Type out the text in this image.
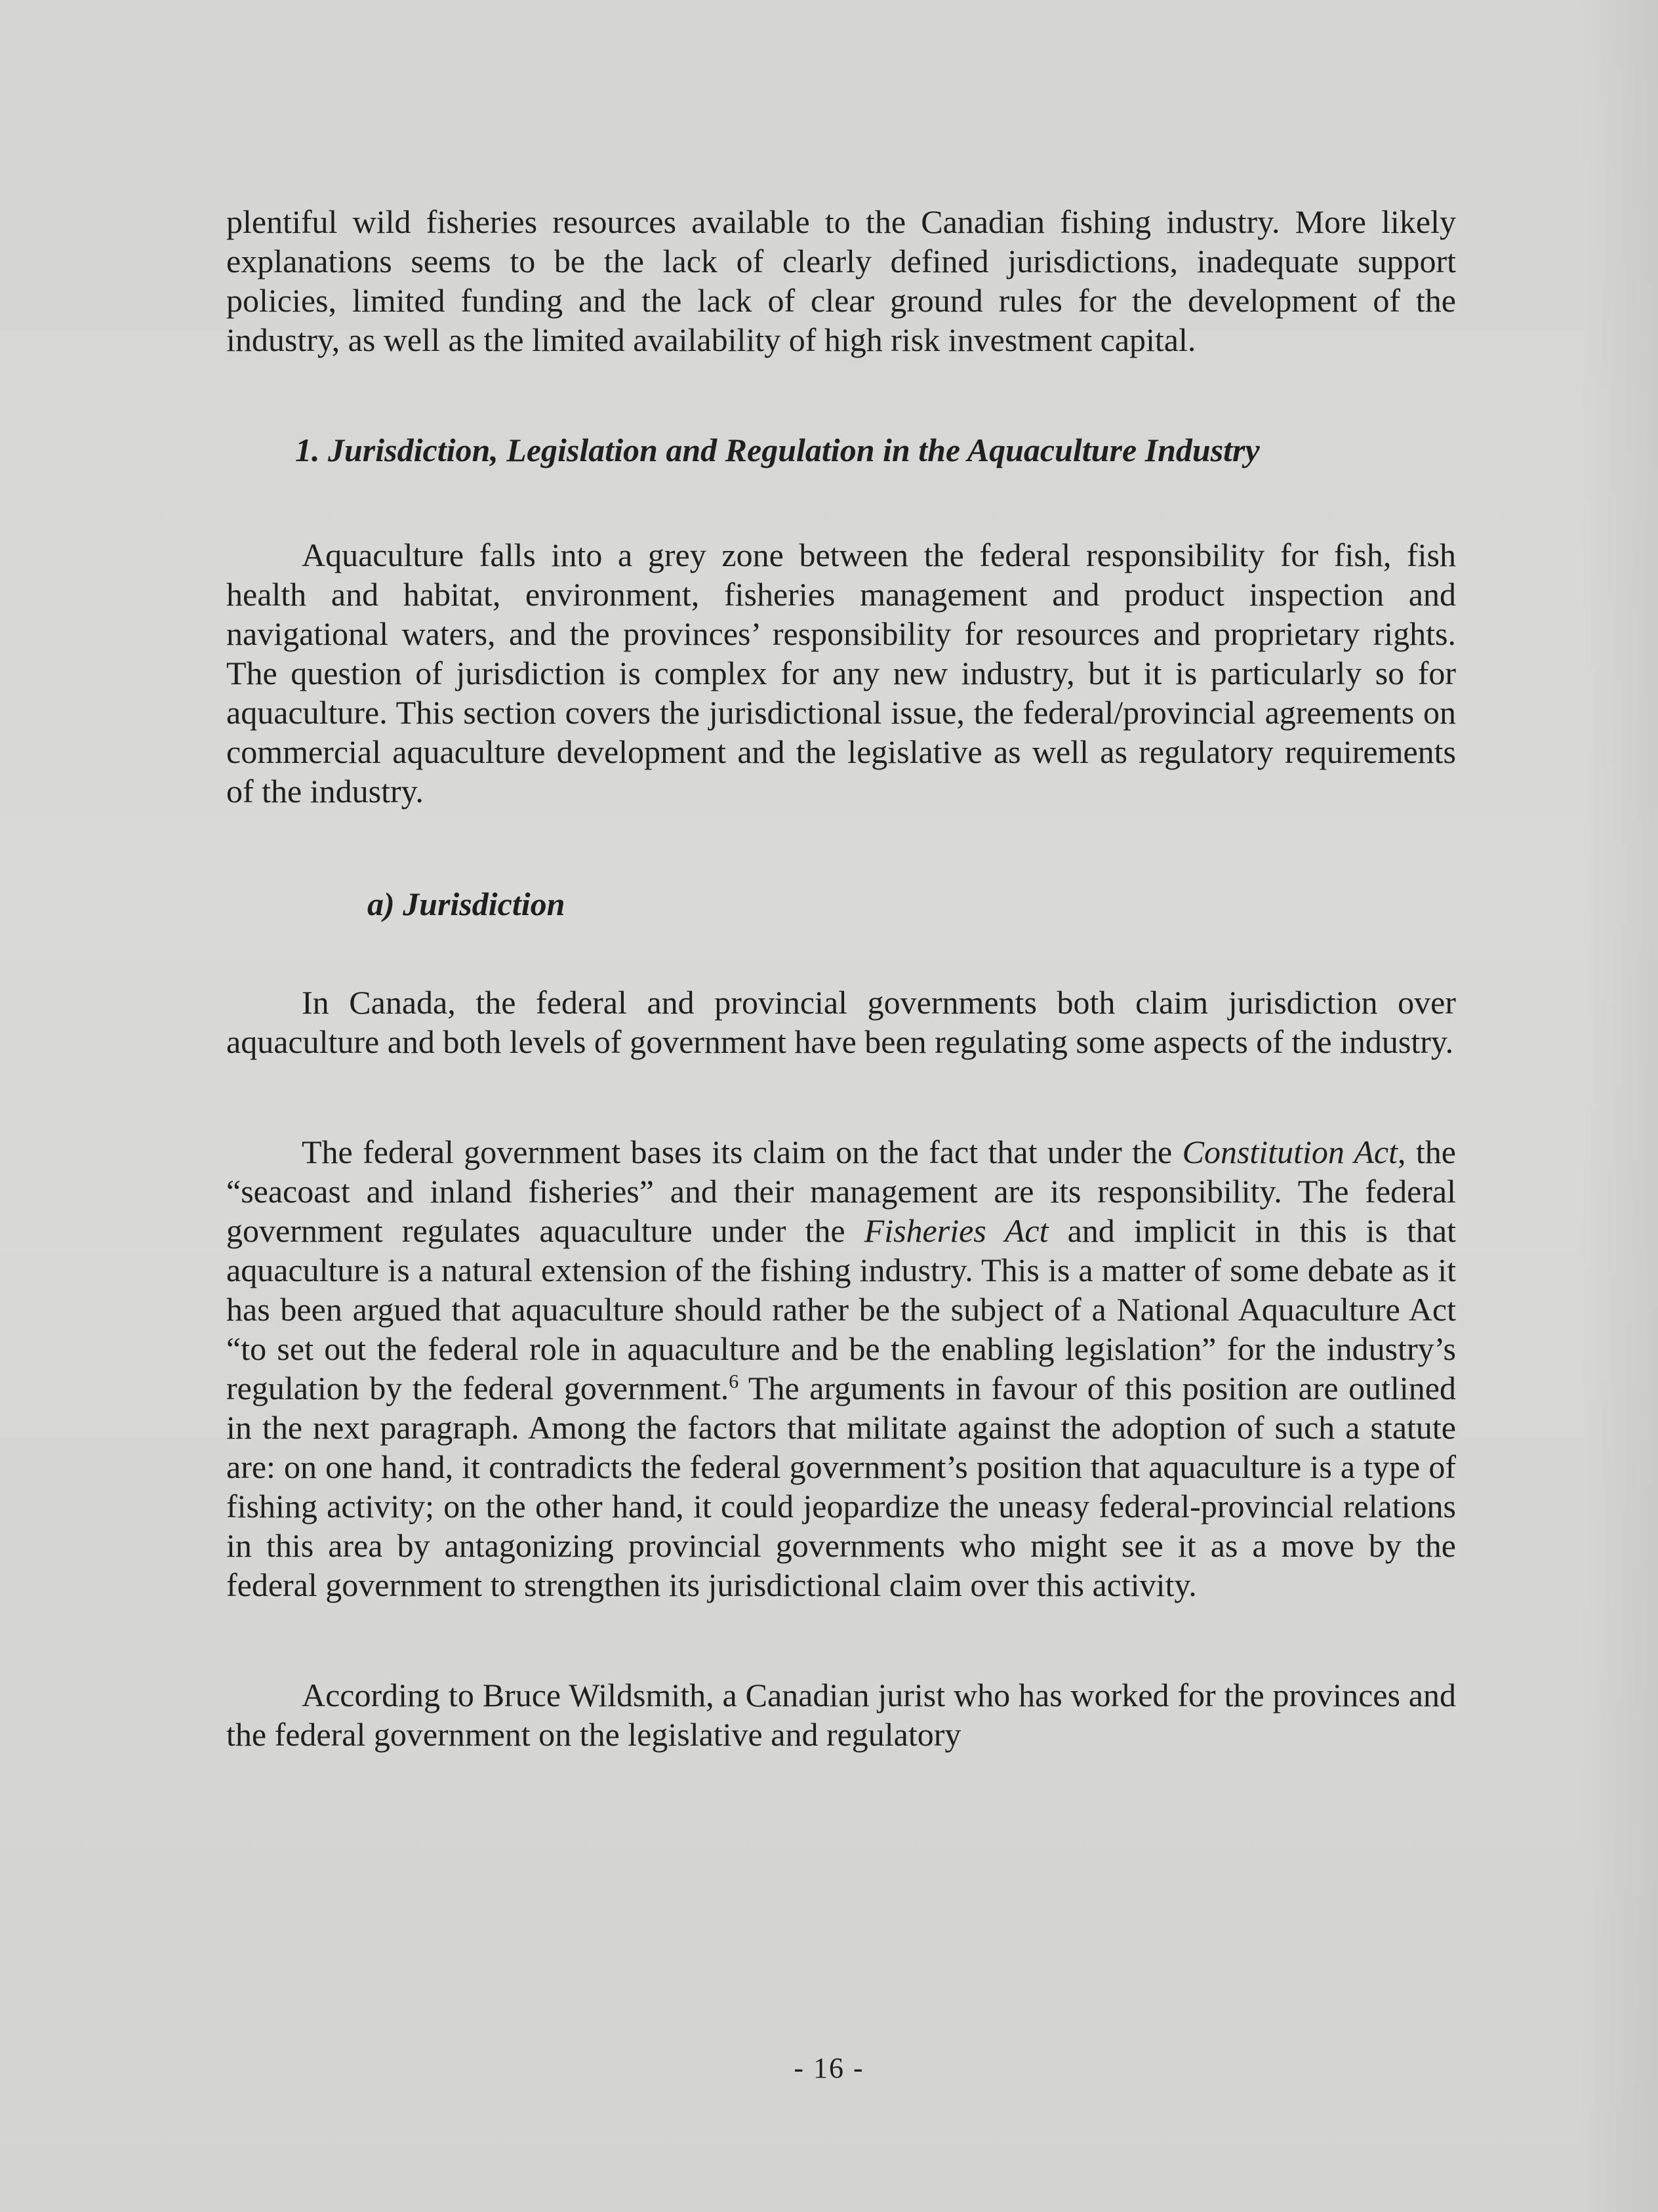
plentiful wild fisheries resources available to the Canadian fishing industry. More likely explanations seems to be the lack of clearly defined jurisdictions, inadequate support policies, limited funding and the lack of clear ground rules for the development of the industry, as well as the limited availability of high risk investment capital.

1. Jurisdiction, Legislation and Regulation in the Aquaculture Industry

Aquaculture falls into a grey zone between the federal responsibility for fish, fish health and habitat, environment, fisheries management and product inspection and navigational waters, and the provinces’ responsibility for resources and proprietary rights. The question of jurisdiction is complex for any new industry, but it is particularly so for aquaculture. This section covers the jurisdictional issue, the federal/provincial agreements on commercial aquaculture development and the legislative as well as regulatory requirements of the industry.

a) Jurisdiction

In Canada, the federal and provincial governments both claim jurisdiction over aquaculture and both levels of government have been regulating some aspects of the industry.

The federal government bases its claim on the fact that under the Constitution Act, the “seacoast and inland fisheries” and their management are its responsibility. The federal government regulates aquaculture under the Fisheries Act and implicit in this is that aquaculture is a natural extension of the fishing industry. This is a matter of some debate as it has been argued that aquaculture should rather be the subject of a National Aquaculture Act “to set out the federal role in aquaculture and be the enabling legislation” for the industry’s regulation by the federal government.$^6$ The arguments in favour of this position are outlined in the next paragraph. Among the factors that militate against the adoption of such a statute are: on one hand, it contradicts the federal government’s position that aquaculture is a type of fishing activity; on the other hand, it could jeopardize the uneasy federal-provincial relations in this area by antagonizing provincial governments who might see it as a move by the federal government to strengthen its jurisdictional claim over this activity.

According to Bruce Wildsmith, a Canadian jurist who has worked for the provinces and the federal government on the legislative and regulatory

- 16 -
